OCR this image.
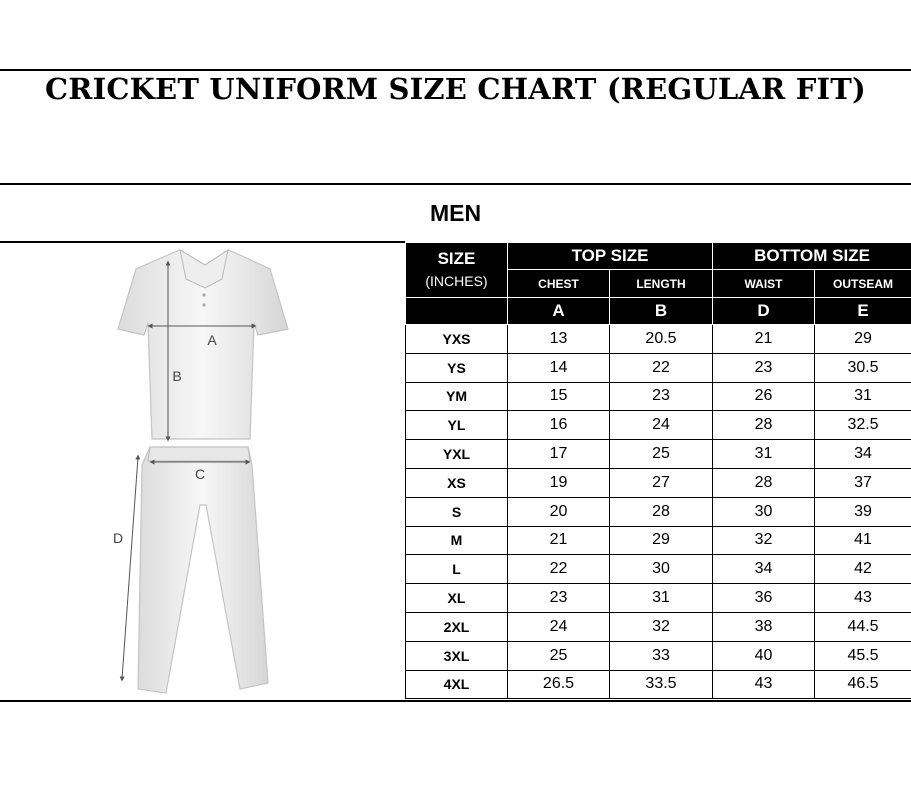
CRICKET UNIFORM SIZE CHART (REGULAR FIT)
MEN
A
B
C
D
SIZE
(INCHES)	TOP SIZE		BOTTOM SIZE	
	CHEST	LENGTH	WAIST	OUTSEAM
	A	B	D	E
YXS	13	20.5	21	29
YS	14	22	23	30.5
YM	15	23	26	31
YL	16	24	28	32.5
YXL	17	25	31	34
XS	19	27	28	37
S	20	28	30	39
M	21	29	32	41
L	22	30	34	42
XL	23	31	36	43
2XL	24	32	38	44.5
3XL	25	33	40	45.5
4XL	26.5	33.5	43	46.5
